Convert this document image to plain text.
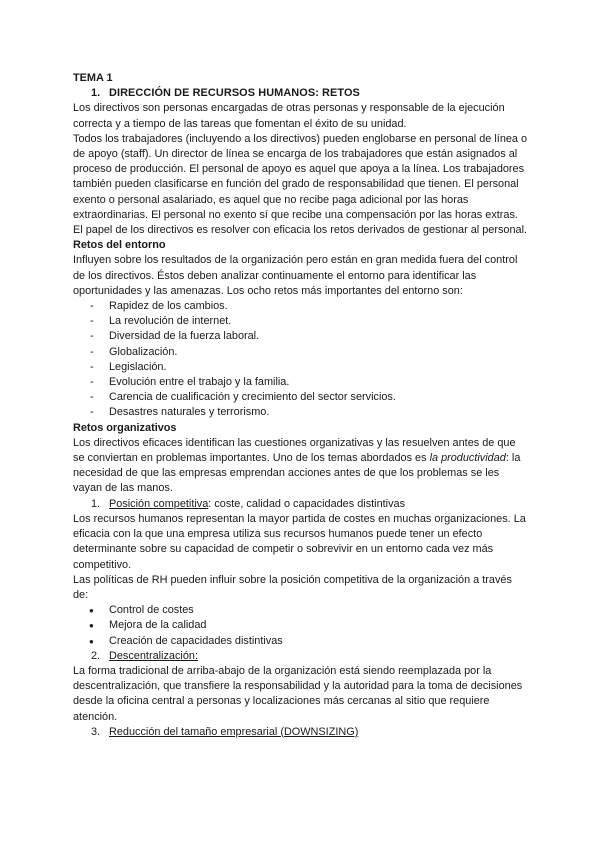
TEMA 1

1. DIRECCIÓN DE RECURSOS HUMANOS: RETOS

Los directivos son personas encargadas de otras personas y responsable de la ejecución correcta y a tiempo de las tareas que fomentan el éxito de su unidad.

Todos los trabajadores (incluyendo a los directivos) pueden englobarse en personal de línea o de apoyo (staff). Un director de línea se encarga de los trabajadores que están asignados al proceso de producción. El personal de apoyo es aquel que apoya a la línea. Los trabajadores también pueden clasificarse en función del grado de responsabilidad que tienen. El personal exento o personal asalariado, es aquel que no recibe paga adicional por las horas extraordinarias. El personal no exento sí que recibe una compensación por las horas extras. El papel de los directivos es resolver con eficacia los retos derivados de gestionar al personal.

Retos del entorno

Influyen sobre los resultados de la organización pero están en gran medida fuera del control de los directivos. Éstos deben analizar continuamente el entorno para identificar las oportunidades y las amenazas. Los ocho retos más importantes del entorno son:

- Rapidez de los cambios.
- La revolución de internet.
- Diversidad de la fuerza laboral.
- Globalización.
- Legislación.
- Evolución entre el trabajo y la familia.
- Carencia de cualificación y crecimiento del sector servicios.
- Desastres naturales y terrorismo.

Retos organizativos

Los directivos eficaces identifican las cuestiones organizativas y las resuelven antes de que se conviertan en problemas importantes. Uno de los temas abordados es la productividad: la necesidad de que las empresas emprendan acciones antes de que los problemas se les vayan de las manos.

1. Posición competitiva: coste, calidad o capacidades distintivas

Los recursos humanos representan la mayor partida de costes en muchas organizaciones. La eficacia con la que una empresa utiliza sus recursos humanos puede tener un efecto determinante sobre su capacidad de competir o sobrevivir en un entorno cada vez más competitivo.

Las políticas de RH pueden influir sobre la posición competitiva de la organización a través de:

● Control de costes
● Mejora de la calidad
● Creación de capacidades distintivas

2. Descentralización:

La forma tradicional de arriba-abajo de la organización está siendo reemplazada por la descentralización, que transfiere la responsabilidad y la autoridad para la toma de decisiones desde la oficina central a personas y localizaciones más cercanas al sitio que requiere atención.

3. Reducción del tamaño empresarial (DOWNSIZING)
